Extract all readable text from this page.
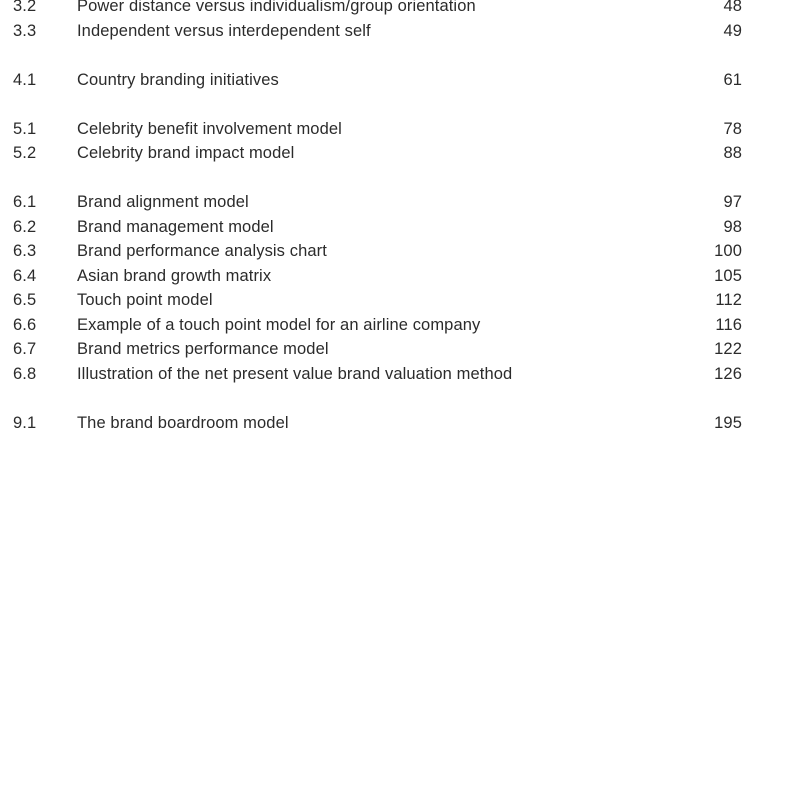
3.2 Power distance versus individualism/group orientation	48
3.3 Independent versus interdependent self	49
4.1 Country branding initiatives	61
5.1 Celebrity benefit involvement model	78
5.2 Celebrity brand impact model	88
6.1 Brand alignment model	97
6.2 Brand management model	98
6.3 Brand performance analysis chart	100
6.4 Asian brand growth matrix	105
6.5 Touch point model	112
6.6 Example of a touch point model for an airline company	116
6.7 Brand metrics performance model	122
6.8 Illustration of the net present value brand valuation method	126
9.1 The brand boardroom model	195
